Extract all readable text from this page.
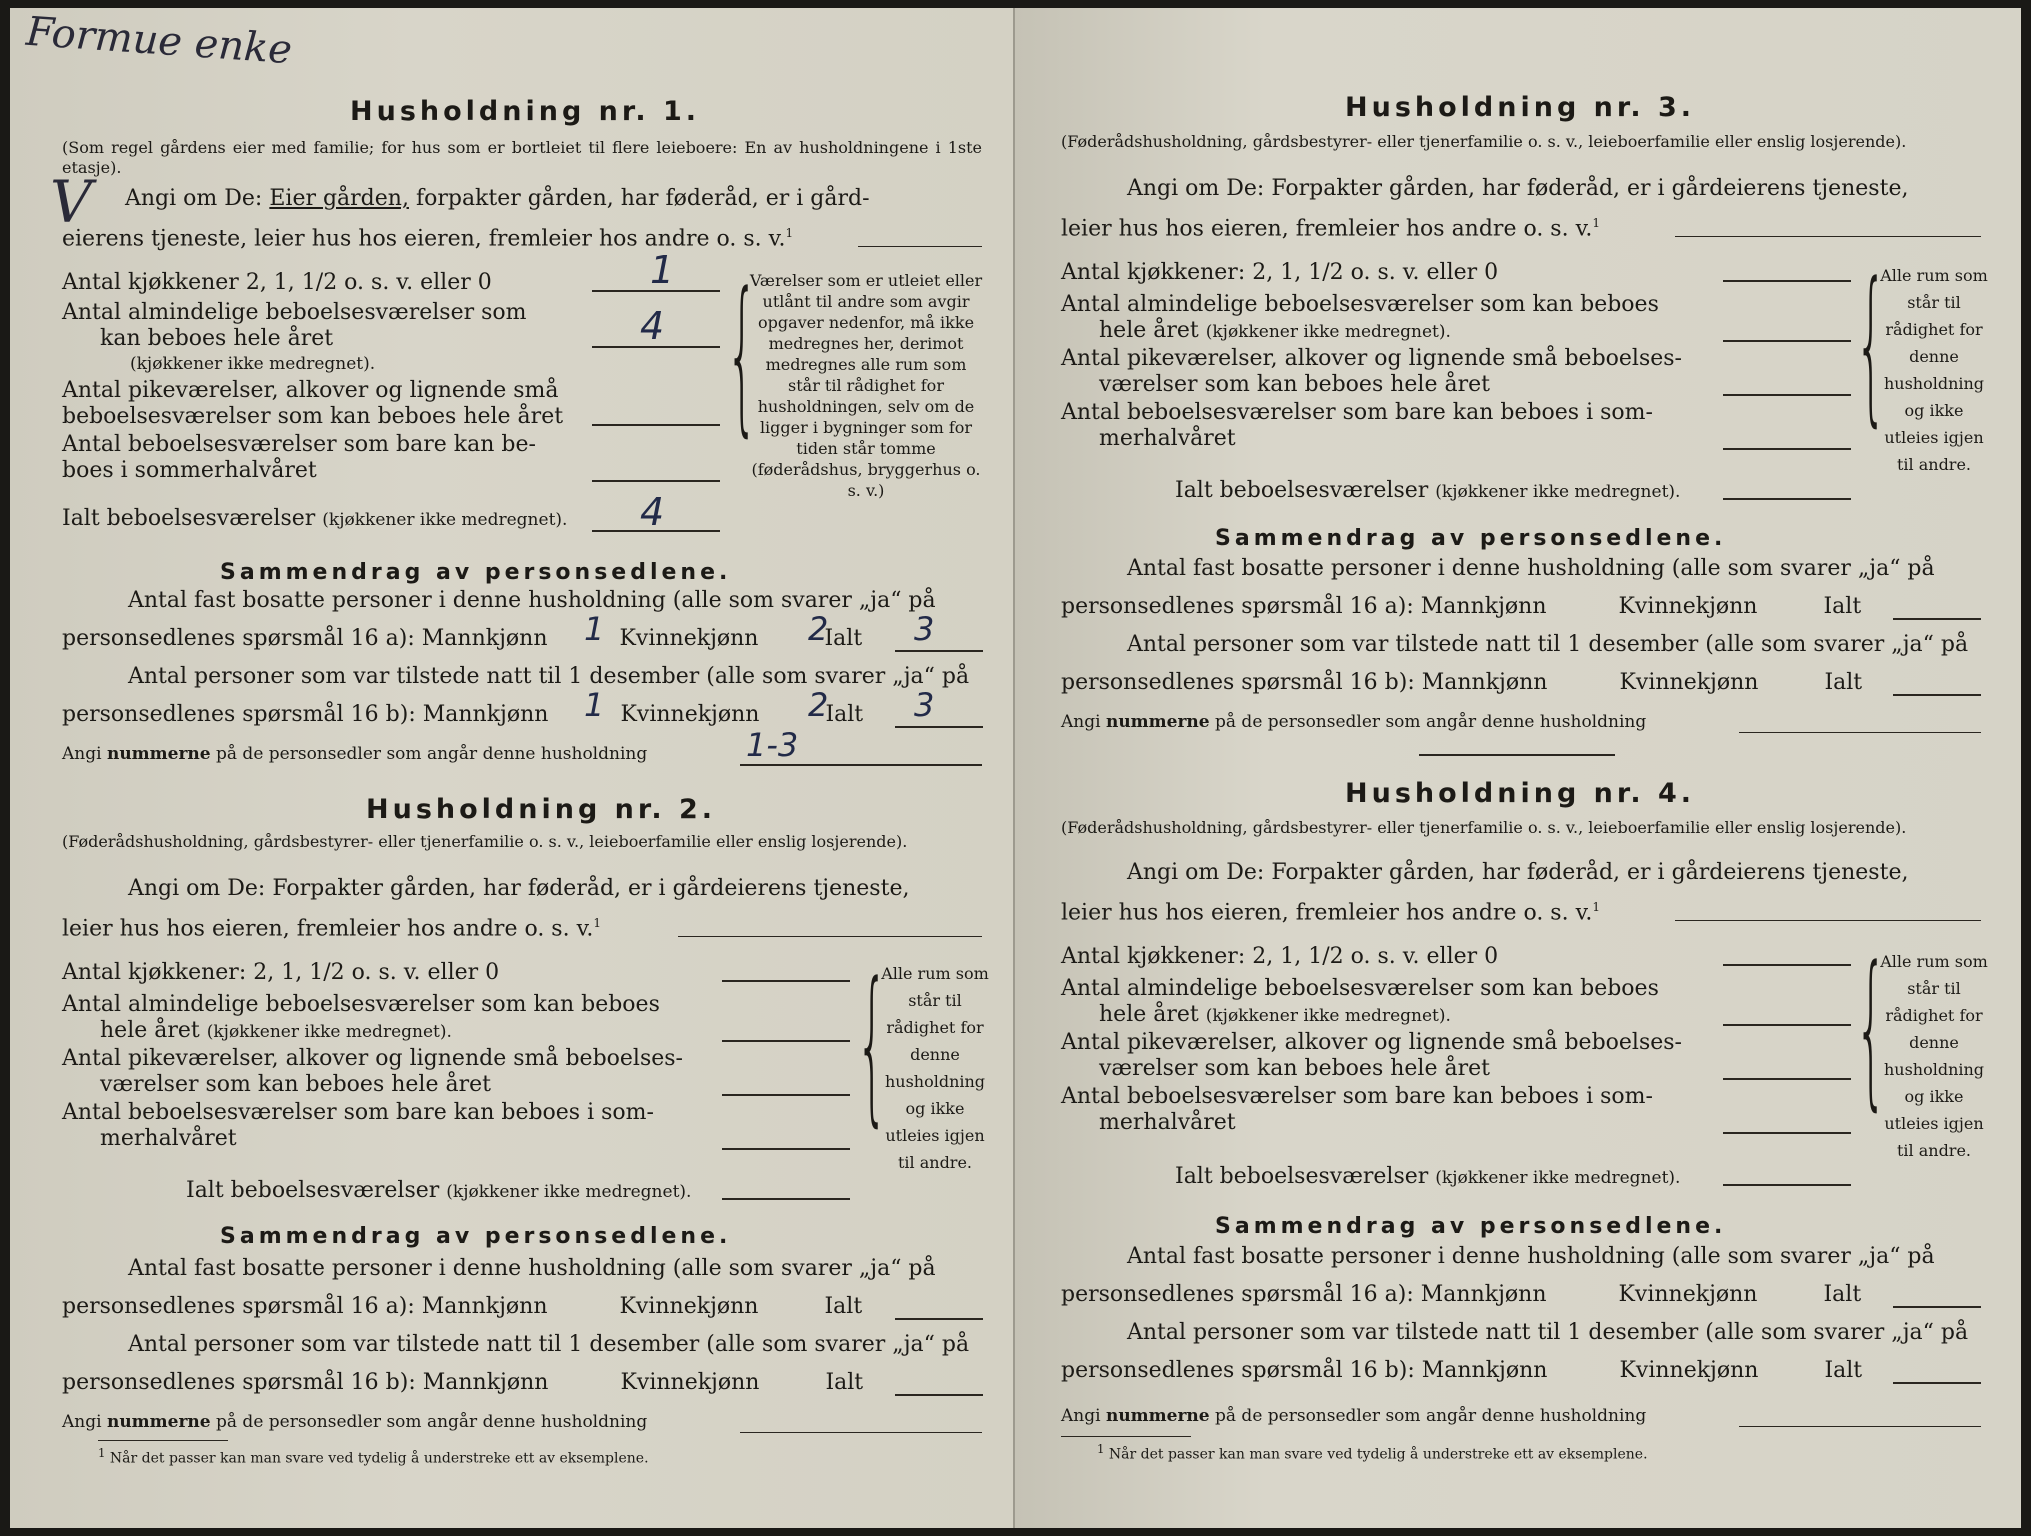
Formue enke
Husholdning nr. 1.
(Som regel gårdens eier med familie; for hus som er bortleiet til flere leieboere: En av husholdningene i 1ste etasje).
V Angi om De: Eier gården, forpakter gården, har føderåd, er i gård-
eierens tjeneste, leier hus hos eieren, fremleier hos andre o. s. v.$^1$
Antal kjøkkener 2, 1, 1/2 o. s. v. eller 0	1
Antal almindelige beboelsesværelser som
kan beboes hele året
(kjøkkener ikke medregnet).
4
Antal pikeværelser, alkover og lignende små
beboelsesværelser som kan beboes hele året
Antal beboelsesværelser som bare kan be-
boes i sommerhalvåret
Ialt beboelsesværelser (kjøkkener ikke medregnet). 4
{
Værelser som er utleiet eller utlånt til andre som avgir opgaver nedenfor, må ikke medregnes her, derimot medregnes alle rum som står til rådighet for husholdningen, selv om de ligger i bygninger som for tiden står tomme (føderådshus, bryggerhus o. s. v.)
Sammendrag av personsedlene.
Antal fast bosatte personer i denne husholdning (alle som svarer „ja“ på
personsedlenes spørsmål 16 a): Mannkjønn	Kvinnekjønn	Ialt
1	2	3
Antal personer som var tilstede natt til 1 desember (alle som svarer „ja“ på
personsedlenes spørsmål 16 b): Mannkjønn	Kvinnekjønn	Ialt
1	2	3
Angi nummerne på de personsedler som angår denne husholdning	1-3
Husholdning nr. 2.
(Føderådshusholdning, gårdsbestyrer- eller tjenerfamilie o. s. v., leieboerfamilie eller enslig losjerende).
Angi om De: Forpakter gården, har føderåd, er i gårdeierens tjeneste,
leier hus hos eieren, fremleier hos andre o. s. v.$^1$
Antal kjøkkener: 2, 1, 1/2 o. s. v. eller 0
Antal almindelige beboelsesværelser som kan beboes
hele året (kjøkkener ikke medregnet).
Antal pikeværelser, alkover og lignende små beboelses-
værelser som kan beboes hele året
Antal beboelsesværelser som bare kan beboes i som-
merhalvåret
Ialt beboelsesværelser (kjøkkener ikke medregnet).
{
Alle rum som står til rådighet for denne husholdning og ikke utleies igjen til andre.
Sammendrag av personsedlene.
Antal fast bosatte personer i denne husholdning (alle som svarer „ja“ på
personsedlenes spørsmål 16 a): Mannkjønn	Kvinnekjønn	Ialt
Antal personer som var tilstede natt til 1 desember (alle som svarer „ja“ på
personsedlenes spørsmål 16 b): Mannkjønn	Kvinnekjønn	Ialt
Angi nummerne på de personsedler som angår denne husholdning
$^1$ Når det passer kan man svare ved tydelig å understreke ett av eksemplene.
Husholdning nr. 3.
(Føderådshusholdning, gårdsbestyrer- eller tjenerfamilie o. s. v., leieboerfamilie eller enslig losjerende).
Angi om De: Forpakter gården, har føderåd, er i gårdeierens tjeneste,
leier hus hos eieren, fremleier hos andre o. s. v.$^1$
Antal kjøkkener: 2, 1, 1/2 o. s. v. eller 0
Antal almindelige beboelsesværelser som kan beboes
hele året (kjøkkener ikke medregnet).
Antal pikeværelser, alkover og lignende små beboelses-
værelser som kan beboes hele året
Antal beboelsesværelser som bare kan beboes i som-
merhalvåret
Ialt beboelsesværelser (kjøkkener ikke medregnet).
{
Alle rum som står til rådighet for denne husholdning og ikke utleies igjen til andre.
Sammendrag av personsedlene.
Antal fast bosatte personer i denne husholdning (alle som svarer „ja“ på
personsedlenes spørsmål 16 a): Mannkjønn	Kvinnekjønn	Ialt
Antal personer som var tilstede natt til 1 desember (alle som svarer „ja“ på
personsedlenes spørsmål 16 b): Mannkjønn	Kvinnekjønn	Ialt
Angi nummerne på de personsedler som angår denne husholdning
Husholdning nr. 4.
(Føderådshusholdning, gårdsbestyrer- eller tjenerfamilie o. s. v., leieboerfamilie eller enslig losjerende).
Angi om De: Forpakter gården, har føderåd, er i gårdeierens tjeneste,
leier hus hos eieren, fremleier hos andre o. s. v.$^1$
Antal kjøkkener: 2, 1, 1/2 o. s. v. eller 0
Antal almindelige beboelsesværelser som kan beboes
hele året (kjøkkener ikke medregnet).
Antal pikeværelser, alkover og lignende små beboelses-
værelser som kan beboes hele året
Antal beboelsesværelser som bare kan beboes i som-
merhalvåret
Ialt beboelsesværelser (kjøkkener ikke medregnet).
{
Alle rum som står til rådighet for denne husholdning og ikke utleies igjen til andre.
Sammendrag av personsedlene.
Antal fast bosatte personer i denne husholdning (alle som svarer „ja“ på
personsedlenes spørsmål 16 a): Mannkjønn	Kvinnekjønn	Ialt
Antal personer som var tilstede natt til 1 desember (alle som svarer „ja“ på
personsedlenes spørsmål 16 b): Mannkjønn	Kvinnekjønn	Ialt
Angi nummerne på de personsedler som angår denne husholdning
$^1$ Når det passer kan man svare ved tydelig å understreke ett av eksemplene.
